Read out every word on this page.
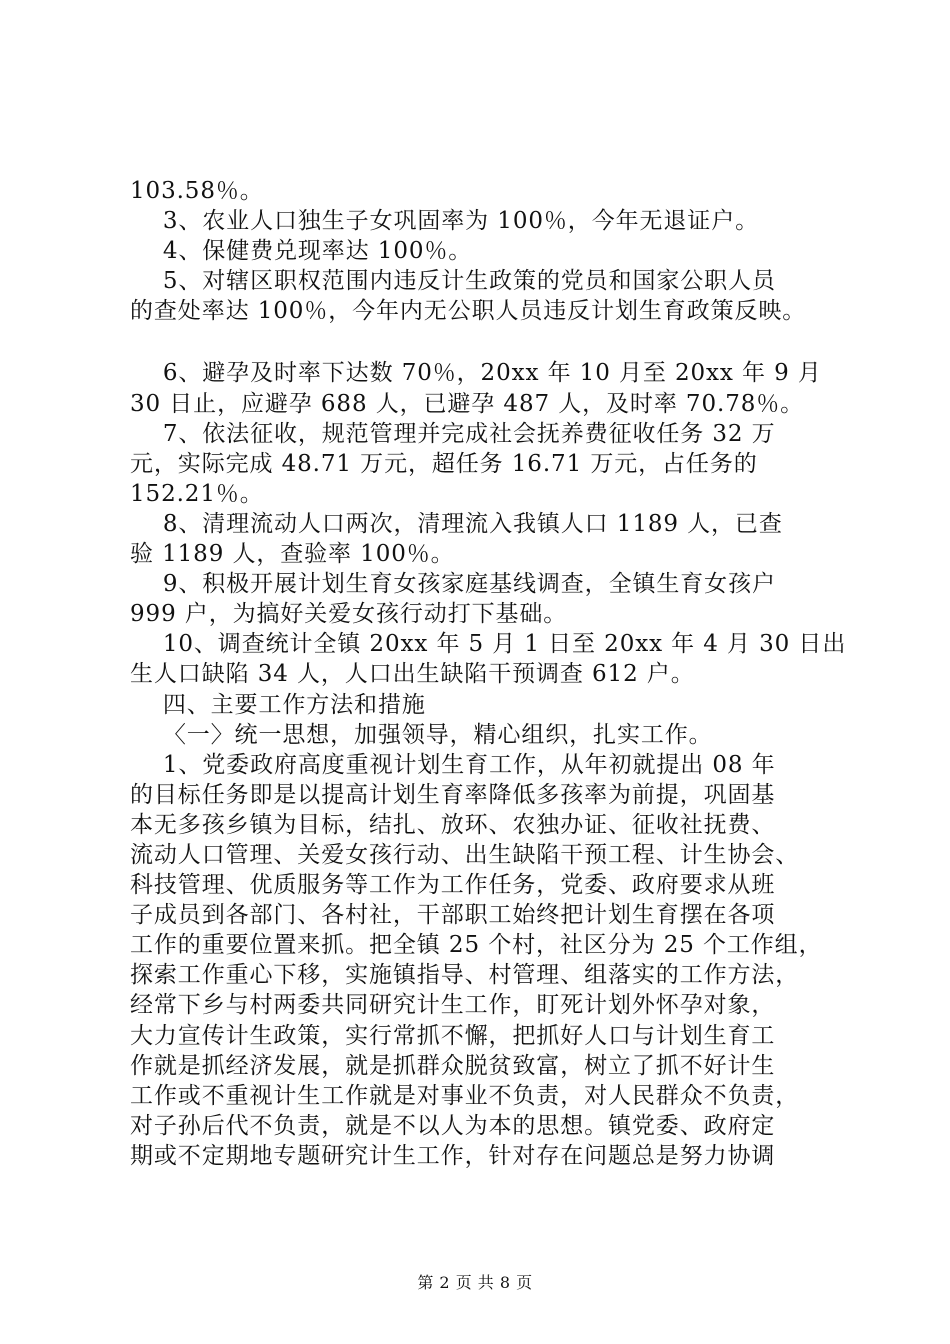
103.58％。
3、农业人口独生子女巩固率为 100％，今年无退证户。
4、保健费兑现率达 100％。
5、对辖区职权范围内违反计生政策的党员和国家公职人员
的查处率达 100％，今年内无公职人员违反计划生育政策反映。
6、避孕及时率下达数 70％，20xx 年 10 月至 20xx 年 9 月
30 日止，应避孕 688 人，已避孕 487 人，及时率 70.78％。
7、依法征收，规范管理并完成社会抚养费征收任务 32 万
元，实际完成 48.71 万元，超任务 16.71 万元，占任务的
152.21％。
8、清理流动人口两次，清理流入我镇人口 1189 人，已查
验 1189 人，查验率 100％。
9、积极开展计划生育女孩家庭基线调查，全镇生育女孩户
999 户，为搞好关爱女孩行动打下基础。
10、调查统计全镇 20xx 年 5 月 1 日至 20xx 年 4 月 30 日出
生人口缺陷 34 人，人口出生缺陷干预调查 612 户。
四、主要工作方法和措施
〈一〉统一思想，加强领导，精心组织，扎实工作。
1、党委政府高度重视计划生育工作，从年初就提出 08 年
的目标任务即是以提高计划生育率降低多孩率为前提，巩固基
本无多孩乡镇为目标，结扎、放环、农独办证、征收社抚费、
流动人口管理、关爱女孩行动、出生缺陷干预工程、计生协会、
科技管理、优质服务等工作为工作任务，党委、政府要求从班
子成员到各部门、各村社，干部职工始终把计划生育摆在各项
工作的重要位置来抓。把全镇 25 个村，社区分为 25 个工作组，
探索工作重心下移，实施镇指导、村管理、组落实的工作方法，
经常下乡与村两委共同研究计生工作，盯死计划外怀孕对象，
大力宣传计生政策，实行常抓不懈，把抓好人口与计划生育工
作就是抓经济发展，就是抓群众脱贫致富，树立了抓不好计生
工作或不重视计生工作就是对事业不负责，对人民群众不负责，
对子孙后代不负责，就是不以人为本的思想。镇党委、政府定
期或不定期地专题研究计生工作，针对存在问题总是努力协调
第 2 页 共 8 页
